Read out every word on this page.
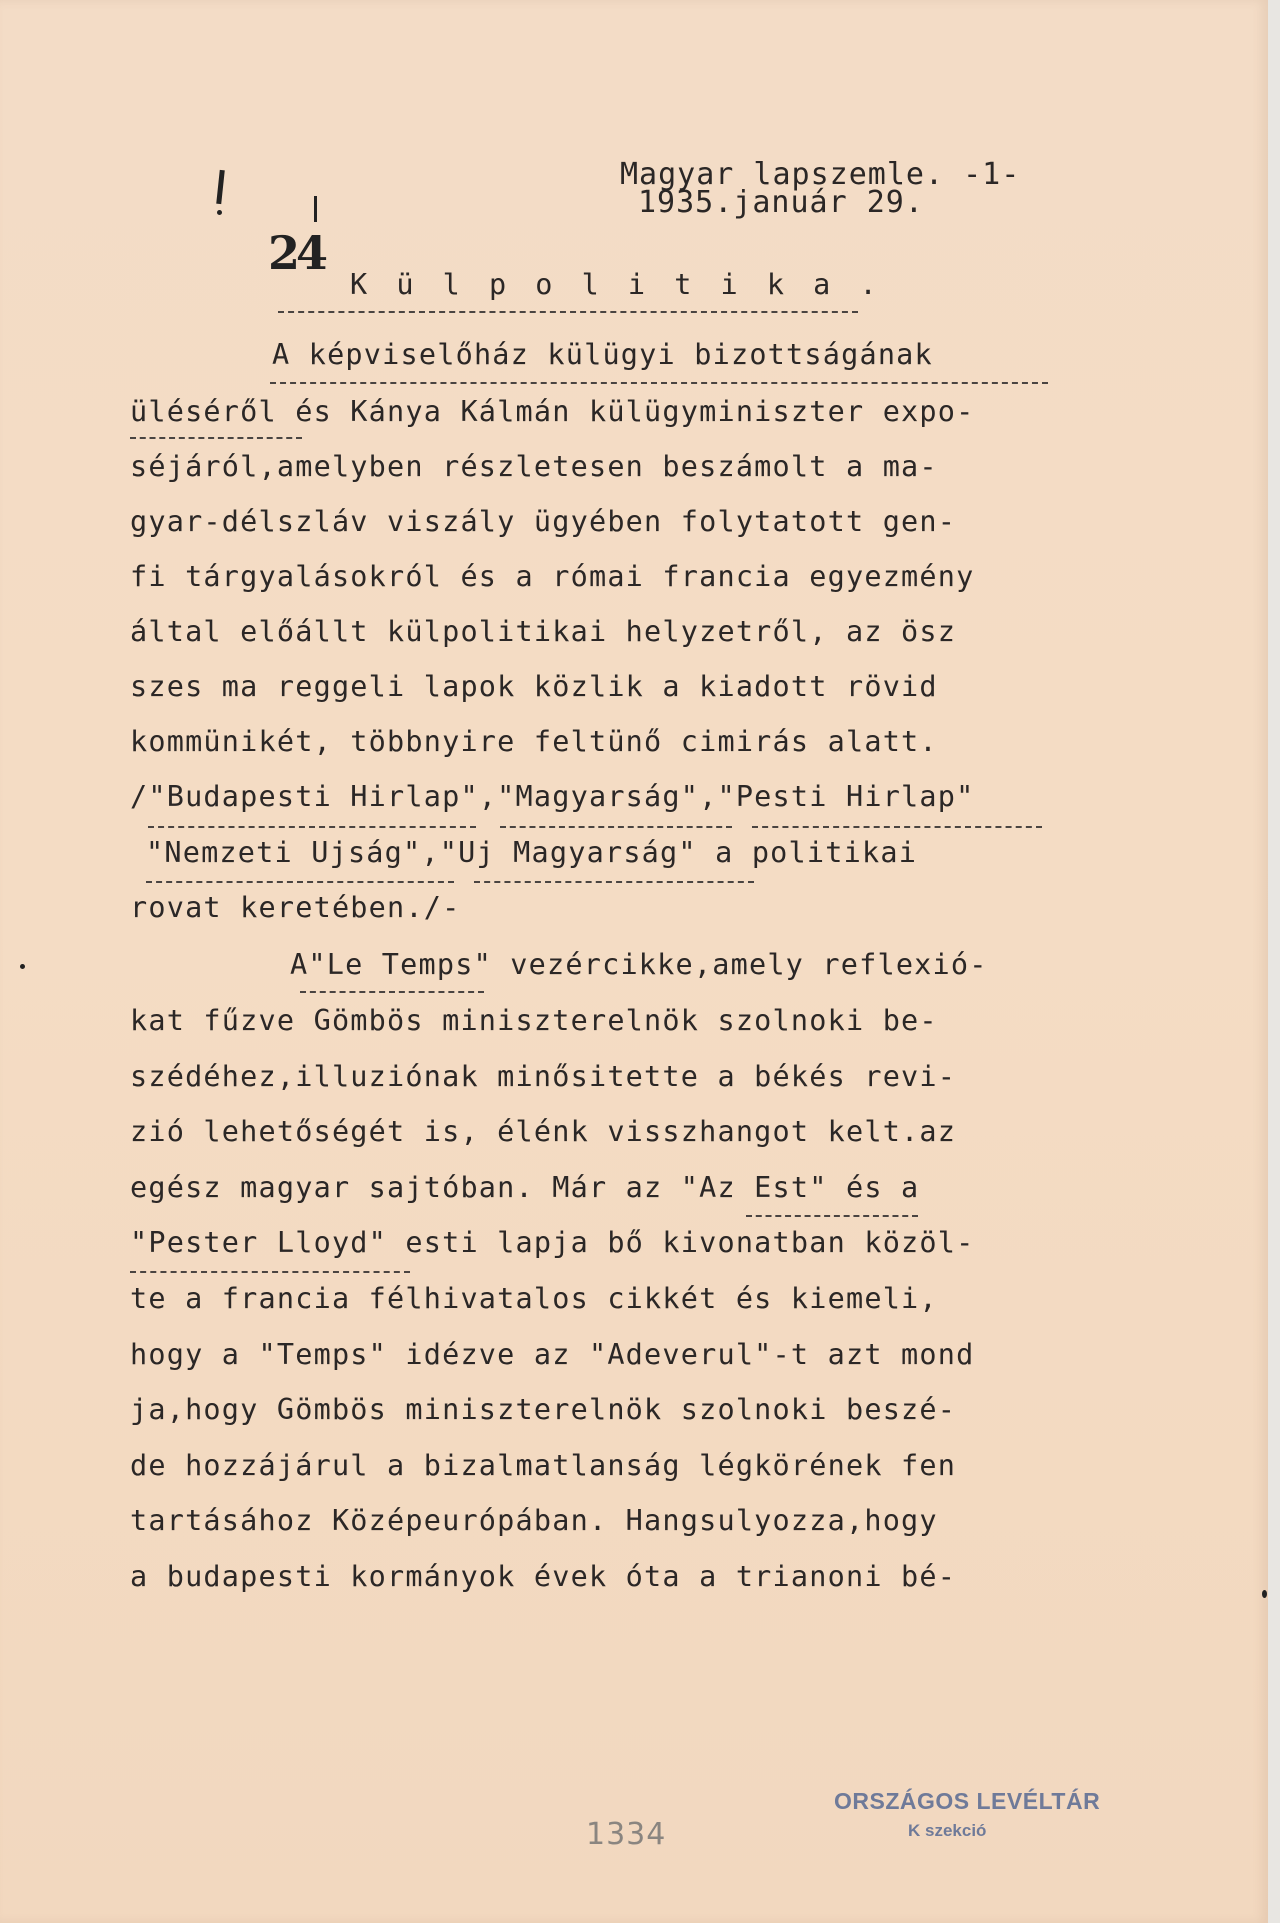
24
Magyar lapszemle. -1-
1935.január 29.
K ü l p o l i t i k a .
A képviselőház külügyi bizottságának
üléséről és Kánya Kálmán külügyminiszter expo-
séjáról,amelyben részletesen beszámolt a ma-
gyar-délszláv viszály ügyében folytatott gen-
fi tárgyalásokról és a római francia egyezmény
által előállt külpolitikai helyzetről, az ösz
szes ma reggeli lapok közlik a kiadott rövid
kommünikét, többnyire feltünő cimirás alatt.
/"Budapesti Hirlap","Magyarság","Pesti Hirlap"
"Nemzeti Ujság","Uj Magyarság" a politikai
rovat keretében./-
A"Le Temps" vezércikke,amely reflexió-
kat fűzve Gömbös miniszterelnök szolnoki be-
szédéhez,illuziónak minősitette a békés revi-
zió lehetőségét is, élénk visszhangot kelt.az
egész magyar sajtóban. Már az "Az Est" és a
"Pester Lloyd" esti lapja bő kivonatban közöl-
te a francia félhivatalos cikkét és kiemeli,
hogy a "Temps" idézve az "Adeverul"-t azt mond
ja,hogy Gömbös miniszterelnök szolnoki beszé-
de hozzájárul a bizalmatlanság légkörének fen
tartásához Középeurópában. Hangsulyozza,hogy
a budapesti kormányok évek óta a trianoni bé-
1334
ORSZÁGOS LEVÉLTÁR
K szekció
